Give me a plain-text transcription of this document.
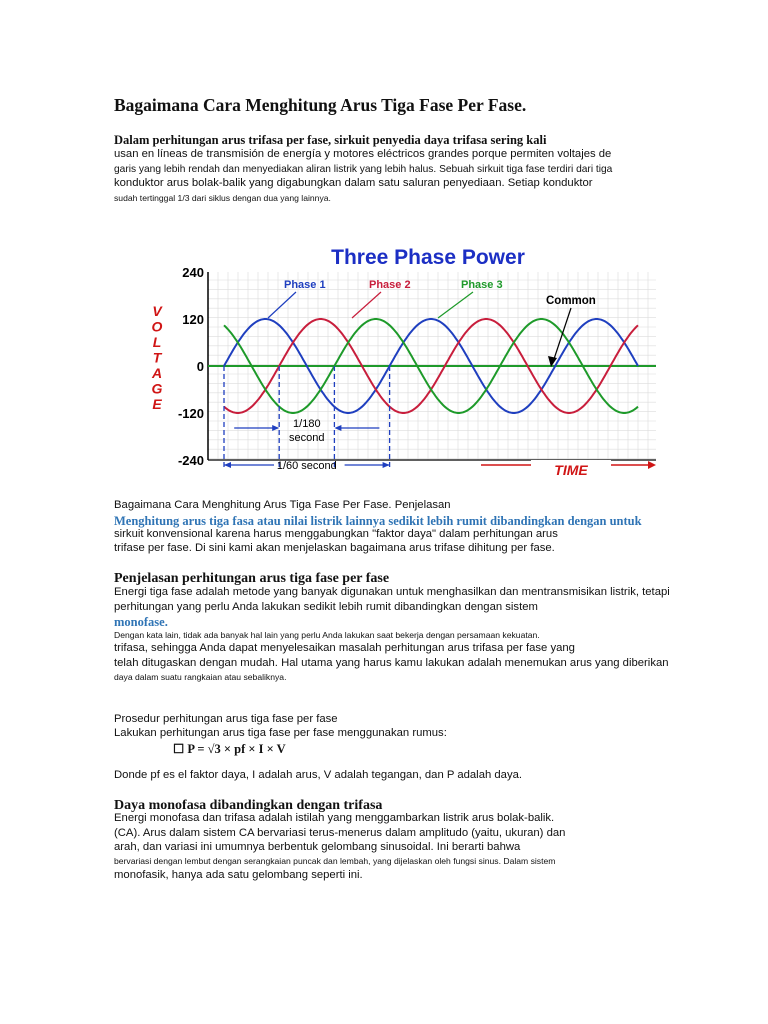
Bagaimana Cara Menghitung Arus Tiga Fase Per Fase.

Dalam perhitungan arus trifasa per fase, sirkuit penyedia daya trifasa sering kali

usan en líneas de transmisión de energía y motores eléctricos grandes porque permiten voltajes de

garis yang lebih rendah dan menyediakan aliran listrik yang lebih halus. Sebuah sirkuit tiga fase terdiri dari tiga

konduktor arus bolak-balik yang digabungkan dalam satu saluran penyediaan. Setiap konduktor

sudah tertinggal 1/3 dari siklus dengan dua yang lainnya.

Three Phase Power
V
O
L
T
A
G
E
240
120
0
-120
-240
Phase 1	Phase 2	Phase 3
Common
1/180
second
1/60 second	TIME

Bagaimana Cara Menghitung Arus Tiga Fase Per Fase. Penjelasan

Menghitung arus tiga fasa atau nilai listrik lainnya sedikit lebih rumit dibandingkan dengan untuk

sirkuit konvensional karena harus menggabungkan "faktor daya" dalam perhitungan arus

trifase per fase. Di sini kami akan menjelaskan bagaimana arus trifase dihitung per fase.

Penjelasan perhitungan arus tiga fase per fase

Energi tiga fase adalah metode yang banyak digunakan untuk menghasilkan dan mentransmisikan listrik, tetapi

perhitungan yang perlu Anda lakukan sedikit lebih rumit dibandingkan dengan sistem

monofase.

Dengan kata lain, tidak ada banyak hal lain yang perlu Anda lakukan saat bekerja dengan persamaan kekuatan.

trifasa, sehingga Anda dapat menyelesaikan masalah perhitungan arus trifasa per fase yang

telah ditugaskan dengan mudah. Hal utama yang harus kamu lakukan adalah menemukan arus yang diberikan

daya dalam suatu rangkaian atau sebaliknya.

Prosedur perhitungan arus tiga fase per fase

Lakukan perhitungan arus tiga fase per fase menggunakan rumus:

☐ P = √3 × pf × I × V

Donde pf es el faktor daya, I adalah arus, V adalah tegangan, dan P adalah daya.

Daya monofasa dibandingkan dengan trifasa

Energi monofasa dan trifasa adalah istilah yang menggambarkan listrik arus bolak-balik.

(CA). Arus dalam sistem CA bervariasi terus-menerus dalam amplitudo (yaitu, ukuran) dan

arah, dan variasi ini umumnya berbentuk gelombang sinusoidal. Ini berarti bahwa

bervariasi dengan lembut dengan serangkaian puncak dan lembah, yang dijelaskan oleh fungsi sinus. Dalam sistem

monofasik, hanya ada satu gelombang seperti ini.
